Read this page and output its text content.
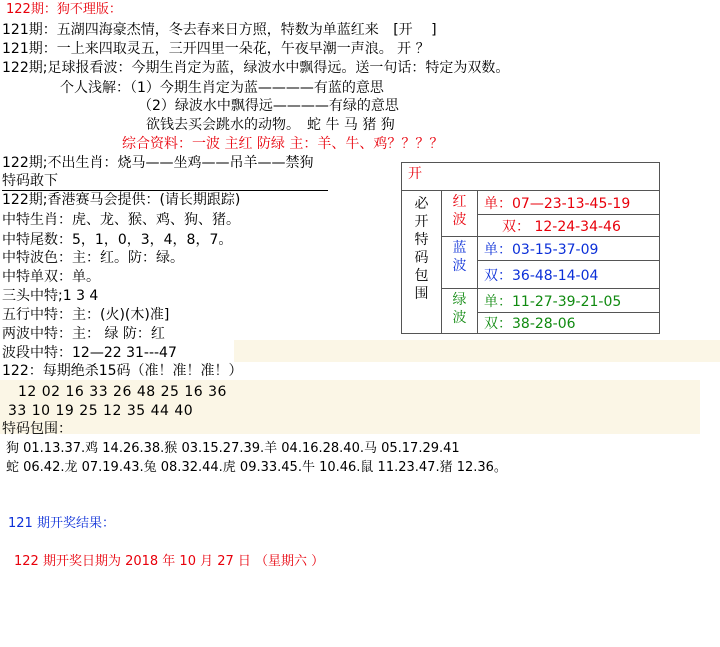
122期：狗不理版：
121期：五湖四海豪杰情，冬去春来日方照，特数为单蓝红来 [开　 ]
121期：一上来四取灵五，三开四里一朵花，午夜早潮一声浪。 开 ？
122期;足球报看波：今期生肖定为蓝，绿波水中飘得远。送一句话：特定为双数。
个人浅解：（1）今期生肖定为蓝————有蓝的意思
（2）绿波水中飘得远————有绿的意思
欲钱去买会跳水的动物。　蛇 牛 马 猪 狗
综合资料：一波 主红 防绿 主：羊、牛、鸡？？？？
122期;不出生肖：烧马——坐鸡——吊羊——禁狗
特码敢下
122期;香港赛马会提供：(请长期跟踪)
中特生肖：虎、龙、猴、鸡、狗、猪。
中特尾数：5，1，0，3，4，8，7。
中特波色：主：红。防：绿。
中特单双：单。
三头中特;1 3 4
五行中特：主：(火)(木)准]
两波中特：主： 绿 防：红
波段中特：12—22 31---47
开		

必开特码包围	红波	单：07—23-13-45-19
		双： 12-24-34-46

	蓝波	单：03-15-37-09
		双：36-48-14-04

	绿波	单：11-27-39-21-05
		双：38-28-06
122：每期绝杀15码（准！准！准！）
12 02 16 33 26 48 25 16 36
33 10 19 25 12 35 44 40
特码包围：
狗 01.13.37.鸡 14.26.38.猴 03.15.27.39.羊 04.16.28.40.马 05.17.29.41
蛇 06.42.龙 07.19.43.兔 08.32.44.虎 09.33.45.牛 10.46.鼠 11.23.47.猪 12.36。
121 期开奖结果：
122 期开奖日期为 2018 年 10 月 27 日 （星期六 ）
